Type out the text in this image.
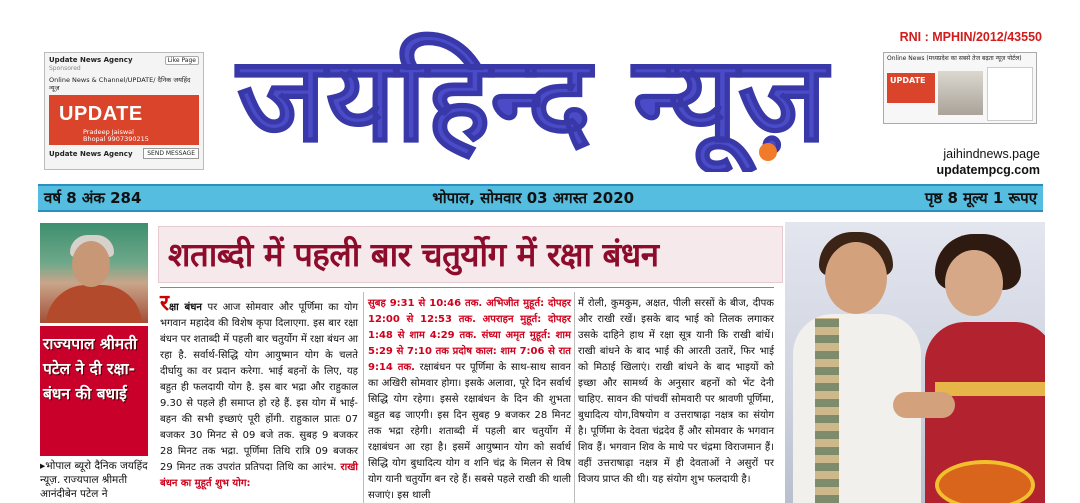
Update News Agency	Like Page
Sponsored
Online News & Channel/UPDATE/ दैनिक जयहिंद न्यूज़
UPDATE
Pradeep Jaiswal
Bhopal 9907390215
Update News Agency	SEND MESSAGE जयहिन्द न्यूज़	RNI : MPHIN/2012/43550
Online News (मध्यप्रदेश का सबसे तेज बढ़ता न्यूज़ पोर्टल)
UPDATE
jaihindnews.page
updatempcg.com
वर्ष 8 अंक 284	भोपाल, सोमवार 03 अगस्त 2020	पृष्ठ 8 मूल्य 1 रूपए
राज्यपाल श्रीमती पटेल ने दी रक्षा-बंधन की बधाई
▸भोपाल ब्यूरो दैनिक जयहिंद न्यूज़. राज्यपाल श्रीमती आनंदीबेन पटेल ने
शताब्दी में पहली बार चतुर्योग में रक्षा बंधन
रक्षा बंधन पर आज सोमवार और पूर्णिमा का योग भगवान महादेव की विशेष कृपा दिलाएगा. इस बार रक्षा बंधन पर शताब्दी में पहली बार चतुर्योग में रक्षा बंधन आ रहा है. सर्वार्थ-सिद्धि योग आयुष्मान योग के चलते दीर्घायु का वर प्रदान करेगा. भाई बहनों के लिए, यह बहुत ही फलदायी योग है. इस बार भद्रा और राहुकाल 9.30 से पहले ही समाप्त हो रहे हैं. इस योग में भाई-बहन की सभी इच्छाएं पूरी होंगी. राहुकाल प्रातः 07 बजकर 30 मिनट से 09 बजे तक. सुबह 9 बजकर 28 मिनट तक भद्रा. पूर्णिमा तिथि रात्रि 09 बजकर 29 मिनट तक उपरांत प्रतिपदा तिथि का आरंभ. राखी बंधन का मुहूर्त शुभ योग:
सुबह 9:31 से 10:46 तक. अभिजीत मुहूर्त: दोपहर 12:00 से 12:53 तक. अपराहन मुहूर्त: दोपहर 1:48 से शाम 4:29 तक. संध्या अमृत मुहूर्त: शाम 5:29 से 7:10 तक प्रदोष काल: शाम 7:06 से रात 9:14 तक. रक्षाबंधन पर पूर्णिमा के साथ-साथ सावन का अखिरी सोमवार होगा। इसके अलावा, पूरे दिन सर्वार्थ सिद्धि योग रहेगा। इससे रक्षाबंधन के दिन की शुभता बहुत बढ़ जाएगी। इस दिन सुबह 9 बजकर 28 मिनट तक भद्रा रहेगी। शताब्दी में पहली बार चतुर्योग में रक्षाबंधन आ रहा है। इसमें आयुष्मान योग को सर्वार्थ सिद्धि योग बुधादित्य योग व शनि चंद्र के मिलन से विष योग यानी चतुर्योग बन रहे हैं। सबसे पहले राखी की थाली सजाएं। इस थाली
में रोली, कुमकुम, अक्षत, पीली सरसों के बीज, दीपक और राखी रखें। इसके बाद भाई को तिलक लगाकर उसके दाहिने हाथ में रक्षा सूत्र यानी कि राखी बांधें। राखी बांधने के बाद भाई की आरती उतारें, फिर भाई को मिठाई खिलाएं। राखी बांधने के बाद भाइयों को इच्छा और सामर्थ्य के अनुसार बहनों को भेंट देनी चाहिए. सावन की पांचवीं सोमवारी पर श्रावणी पूर्णिमा, बुधादित्य योग,विषयोग व उत्तराषाढ़ा नक्षत्र का संयोग है। पूर्णिमा के देवता चंद्रदेव हैं और सोमवार के भगवान शिव हैं। भगवान शिव के माथे पर चंद्रमा विराजमान हैं। वहीं उत्तराषाढ़ा नक्षत्र में ही देवताओं ने असुरों पर विजय प्राप्त की थी। यह संयोग शुभ फलदायी है।
